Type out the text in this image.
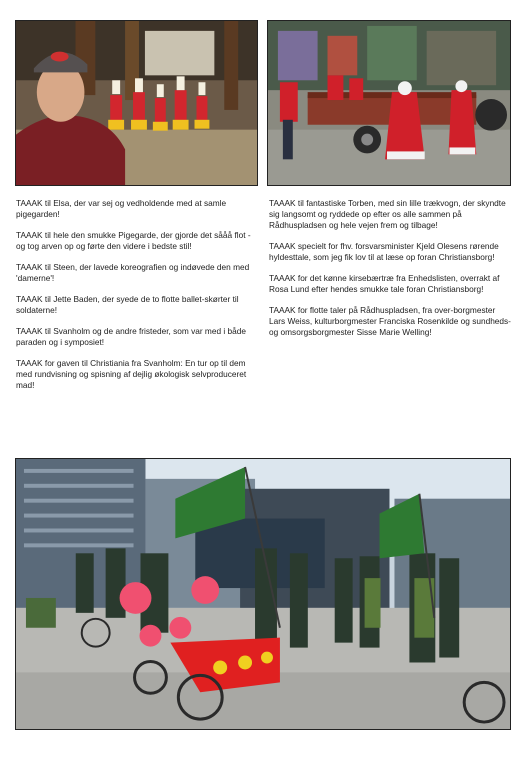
TAAAK til Elsa, der var sej og vedholdende med at samle pigegarden!

TAAAK til hele den smukke Pigegarde, der gjorde det sååå flot - og tog arven op og førte den videre i bedste stil!

TAAAK til Steen, der lavede koreografien og indøvede den med 'damerne'!

TAAAK til Jette Baden, der syede de to flotte ballet-skørter til soldaterne!

TAAAK til Svanholm og de andre fristeder, som var med i både paraden og i symposiet!

TAAAK for gaven til Christiania fra Svanholm: En tur op til dem med rundvisning og spisning af dejlig økologisk selvproduceret mad!

TAAAK til fantastiske Torben, med sin lille trækvogn, der skyndte sig langsomt og ryddede op efter os alle sammen på Rådhuspladsen og hele vejen frem og tilbage!

TAAAK specielt for fhv. forsvarsminister Kjeld Olesens rørende hyldesttale, som jeg fik lov til at læse op foran Christiansborg!

TAAAK for det kønne kirsebærtræ fra Enhedslisten, overrakt af Rosa Lund efter hendes smukke tale foran Christiansborg!

TAAAK for flotte taler på Rådhuspladsen, fra over-borgmester Lars Weiss, kulturborgmester Franciska Rosenkilde og sundheds- og omsorgsborgmester Sisse Marie Welling!
